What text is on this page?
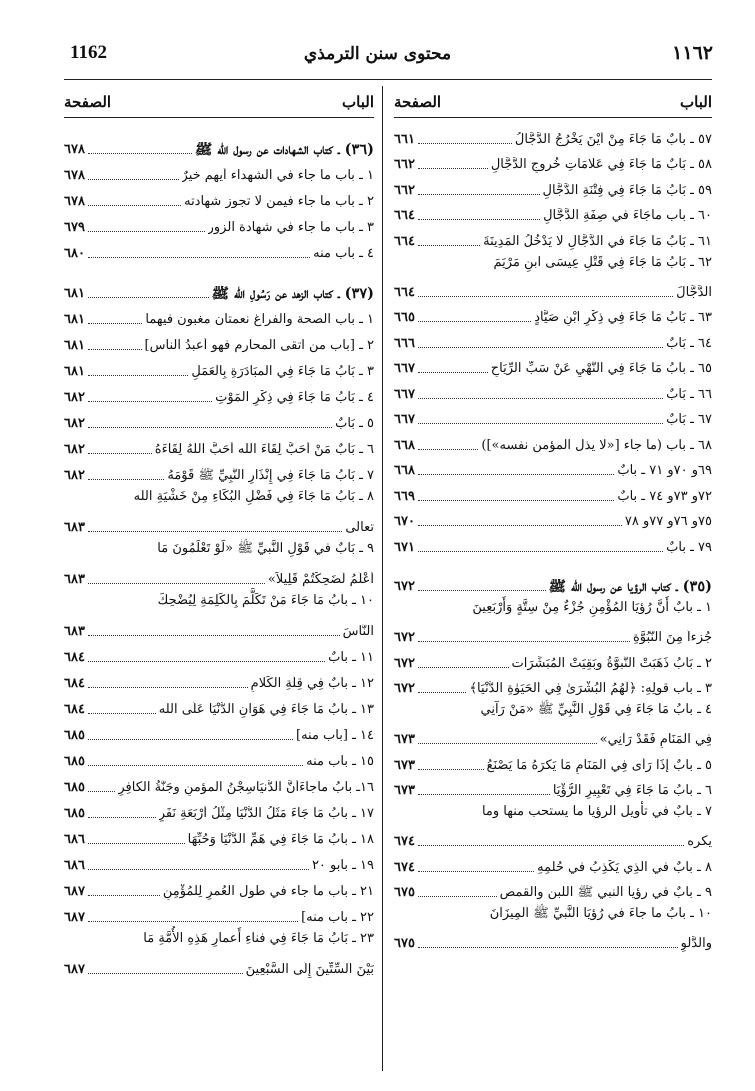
1162	محتوى سنن الترمذي	١١٦٢
الباب
الصفحة
٥٧ ـ بابٌ مَا جَاءَ مِنْ أَيْنَ يَخْرُجُ الدَّجَّالُ
٦٦١
٥٨ ـ بَابٌ مَا جَاءَ فِي عَلامَاتِ خُروجِ الدَّجَّالِ
٦٦٢
٥٩ ـ بَابُ مَا جَاءَ فِي فِتْنَةِ الدَّجَّالِ
٦٦٢
٦٠ ـ باب ماجَاءَ في صِفَةِ الدَّجَّالِ
٦٦٤
٦١ ـ بَابُ مَا جَاءَ في الدَّجَّالِ لا يَدْخُلُ المَدِينَةَ
٦٦٤
٦٢ ـ بَابُ مَا جَاءَ فِي قَتْلِ عِيسَى ابنِ مَرْيَمَ
الدَّجَّالَ
٦٦٤
٦٣ ـ بَابُ مَا جَاءَ فِي ذِكْرِ ابْنِ صَيَّادٍ
٦٦٥
٦٤ ـ بَابٌ
٦٦٦
٦٥ ـ بابُ مَا جَاءَ فِي النَّهْيِ عَنْ سَبِّ الرِّيَاحِ
٦٦٧
٦٦ ـ بَابٌ
٦٦٧
٦٧ ـ بَابٌ
٦٦٧
٦٨ ـ باب (ما جاء [«لا يذل المؤمن نفسه»])
٦٦٨
٦٩و ٧٠و ٧١ ـ بابٌ
٦٦٨
٧٢و ٧٣و ٧٤ ـ بابٌ
٦٦٩
٧٥و ٧٦و ٧٧و ٧٨
٦٧٠
٧٩ ـ بابٌ
٦٧١
(٣٥) ـ كتاب الرؤيا عن رسول الله ﷺ
٦٧٢
١ ـ بابٌ أَنَّ رُؤيَا المُؤْمِنِ جُزْءٌ مِنْ سِتَّةٍ وَأَرْبَعِينَ
جُزءاً مِنَ النُّبُوَّةِ
٦٧٢
٢ ـ بَابُ ذَهَبَتْ النُّبوَّةُ وبَقِيَتْ المُبَشِّرَات
٦٧٢
٣ ـ باب قولِهِ: ﴿لَهُمُ البُشْرَىٰ فِي الحَيَوٰةِ الدُّنْيَا﴾
٦٧٢
٤ ـ بابُ مَا جَاءَ فِي قَوْلِ النَّبِيِّ ﷺ «مَنْ رَآنِي
فِي المَنَامِ فَقَدْ رَآنِي»
٦٧٣
٥ ـ بابٌ إذَا رَأَى فِي المَنَامِ مَا يَكرَهُ مَا يَصْنَعُ
٦٧٣
٦ ـ بابُ مَا جَاءَ فِي تَعْبِيرِ الرُّؤْيَا
٦٧٣
٧ ـ بابٌ في تأويل الرؤيا ما يستحب منها وما
يكره
٦٧٤
٨ ـ بابٌ في الَّذِي يَكْذِبُ في حُلمِهِ
٦٧٤
٩ ـ بابٌ في رؤيا النبي ﷺ اللبن والقمص
٦٧٥
١٠ ـ بابُ ما جاءَ في رُؤيَا النَّبيِّ ﷺ المِيزَانَ
والدَّلْوِ
٦٧٥
الباب
الصفحة
(٣٦) ـ كتاب الشهادات عن رسول الله ﷺ
٦٧٨
١ ـ باب ما جاء في الشهداء أيهم خيرٌ
٦٧٨
٢ ـ باب ما جاء فيمن لا تجوز شهادته
٦٧٨
٣ ـ باب ما جاء في شهادة الزور
٦٧٩
٤ ـ باب منه
٦٨٠
(٣٧) ـ كتاب الزهد عن رَسُولِ الله ﷺ
٦٨١
١ ـ باب الصحة والفراغ نعمتان مغبون فيهما
٦٨١
٢ ـ [باب من اتقى المحارم فهو أعبدُ الناس]
٦٨١
٣ ـ بَابُ مَا جَاءَ فِي المبَادَرَةِ بِالْعَمَلِ
٦٨١
٤ ـ بَابُ مَا جَاءَ فِي ذِكْرِ المَوْتِ
٦٨٢
٥ ـ بَابٌ
٦٨٢
٦ ـ بَابٌ مَنْ أَحَبَّ لِقَاءَ الله أَحَبَّ اللهُ لِقَاءَهُ
٦٨٢
٧ ـ بَابُ مَا جَاءَ فِي إِنْذَارِ النَّبِيِّ ﷺ قَوْمَهُ
٦٨٢
٨ ـ بَابُ مَا جَاءَ فِي فَضْلِ البُكَاءِ مِنْ خَشْيَةِ الله
تعالى
٦٨٣
٩ ـ بَابٌ في قَوْلِ النَّبيِّ ﷺ «لَوْ تَعْلَمُونَ مَا
أَعْلَمُ لَضَحِكْتُمْ قَلِيلاً»
٦٨٣
١٠ ـ بابُ مَا جَاءَ مَنْ تَكَلَّمَ بِالكَلِمَةِ لِيُضْحِكَ
النَّاسَ
٦٨٣
١١ ـ بابٌ
٦٨٤
١٢ ـ بابٌ فِي قِلَّةِ الكَلامِ
٦٨٤
١٣ ـ بابُ مَا جَاءَ فِي هَوَانِ الدُّنْيَا عَلَى الله
٦٨٤
١٤ ـ [باب منه]
٦٨٥
١٥ ـ باب منه
٦٨٥
١٦ـ بابُ ماجاءَأنَّ الدُّنيَاسِجْنُ المؤمنِ وجَنَّةُ الكافِرِ
٦٨٥
١٧ ـ بابُ مَا جَاءَ مَثَلُ الدُّنْيَا مِثْلُ أَرْبَعَةِ نَفَرٍ
٦٨٥
١٨ ـ بابُ مَا جَاءَ فِي هَمِّ الدُّنْيَا وَحُبِّهَا
٦٨٦
١٩ ـ بابو ٢٠
٦٨٦
٢١ ـ باب ما جاء في طول العُمرِ لِلْمُؤْمِنِ
٦٨٧
٢٢ ـ باب منه]
٦٨٧
٢٣ ـ بَابُ مَا جَاءَ فِي فناءِ أَعمارِ هَذِهِ الأُمَّةِ مَا
بَيْنَ السِّتِّينَ إِلَى السَّبْعِينَ
٦٨٧
